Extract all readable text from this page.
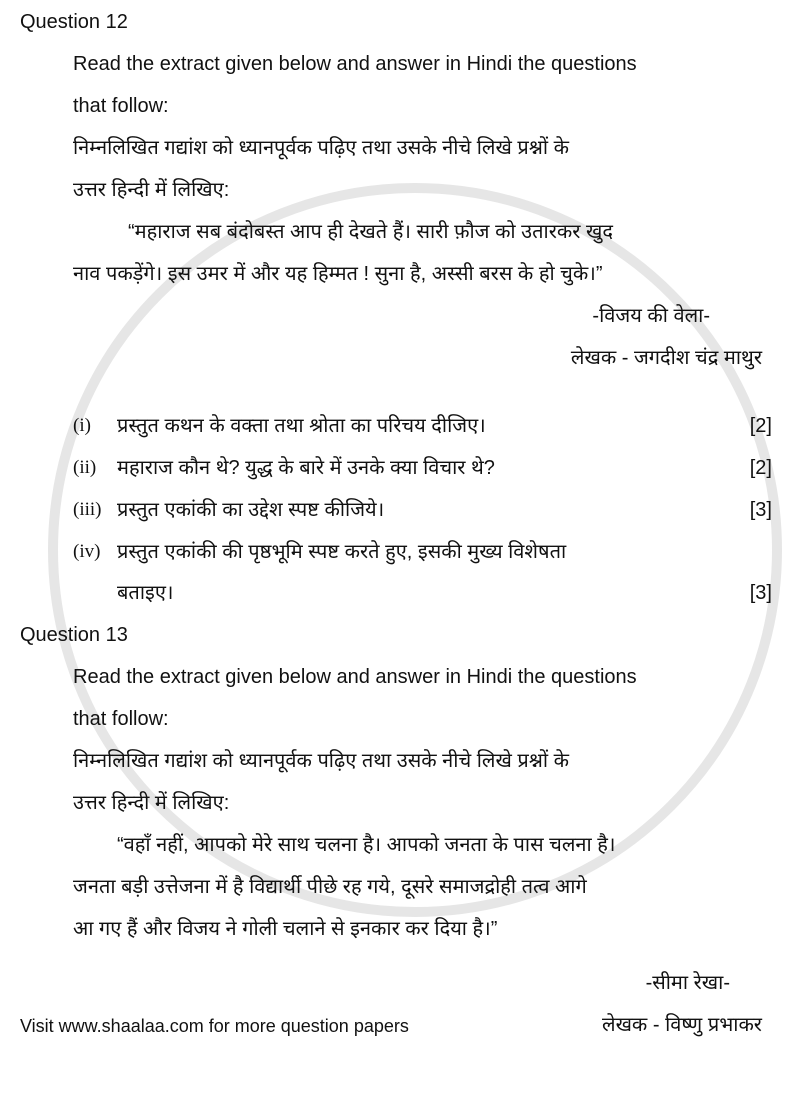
Question 12
Read the extract given below and answer in Hindi the questions
that follow:
निम्नलिखित गद्यांश को ध्यानपूर्वक पढ़िए तथा उसके नीचे लिखे प्रश्नों के
उत्तर हिन्दी में लिखिए:
“महाराज सब बंदोबस्त आप ही देखते हैं। सारी फ़ौज को उतारकर खुद
नाव पकड़ेंगे। इस उमर में और यह हिम्मत ! सुना है, अस्सी बरस के हो चुके।”
-विजय की वेला-
लेखक - जगदीश चंद्र माथुर
(i)	प्रस्तुत कथन के वक्ता तथा श्रोता का परिचय दीजिए।	[2]
(ii)	महाराज कौन थे? युद्ध के बारे में उनके क्या विचार थे?	[2]
(iii) प्रस्तुत एकांकी का उद्देश स्पष्ट कीजिये।	[3]
(iv) प्रस्तुत एकांकी की पृष्ठभूमि स्पष्ट करते हुए, इसकी मुख्य विशेषता
बताइए।	[3]
Question 13
Read the extract given below and answer in Hindi the questions
that follow:
निम्नलिखित गद्यांश को ध्यानपूर्वक पढ़िए तथा उसके नीचे लिखे प्रश्नों के
उत्तर हिन्दी में लिखिए:
“वहाँ नहीं, आपको मेरे साथ चलना है। आपको जनता के पास चलना है।
जनता बड़ी उत्तेजना में है विद्यार्थी पीछे रह गये, दूसरे समाजद्रोही तत्व आगे
आ गए हैं और विजय ने गोली चलाने से इनकार कर दिया है।”
-सीमा रेखा-
Visit www.shaalaa.com for more question papers	लेखक - विष्णु प्रभाकर
